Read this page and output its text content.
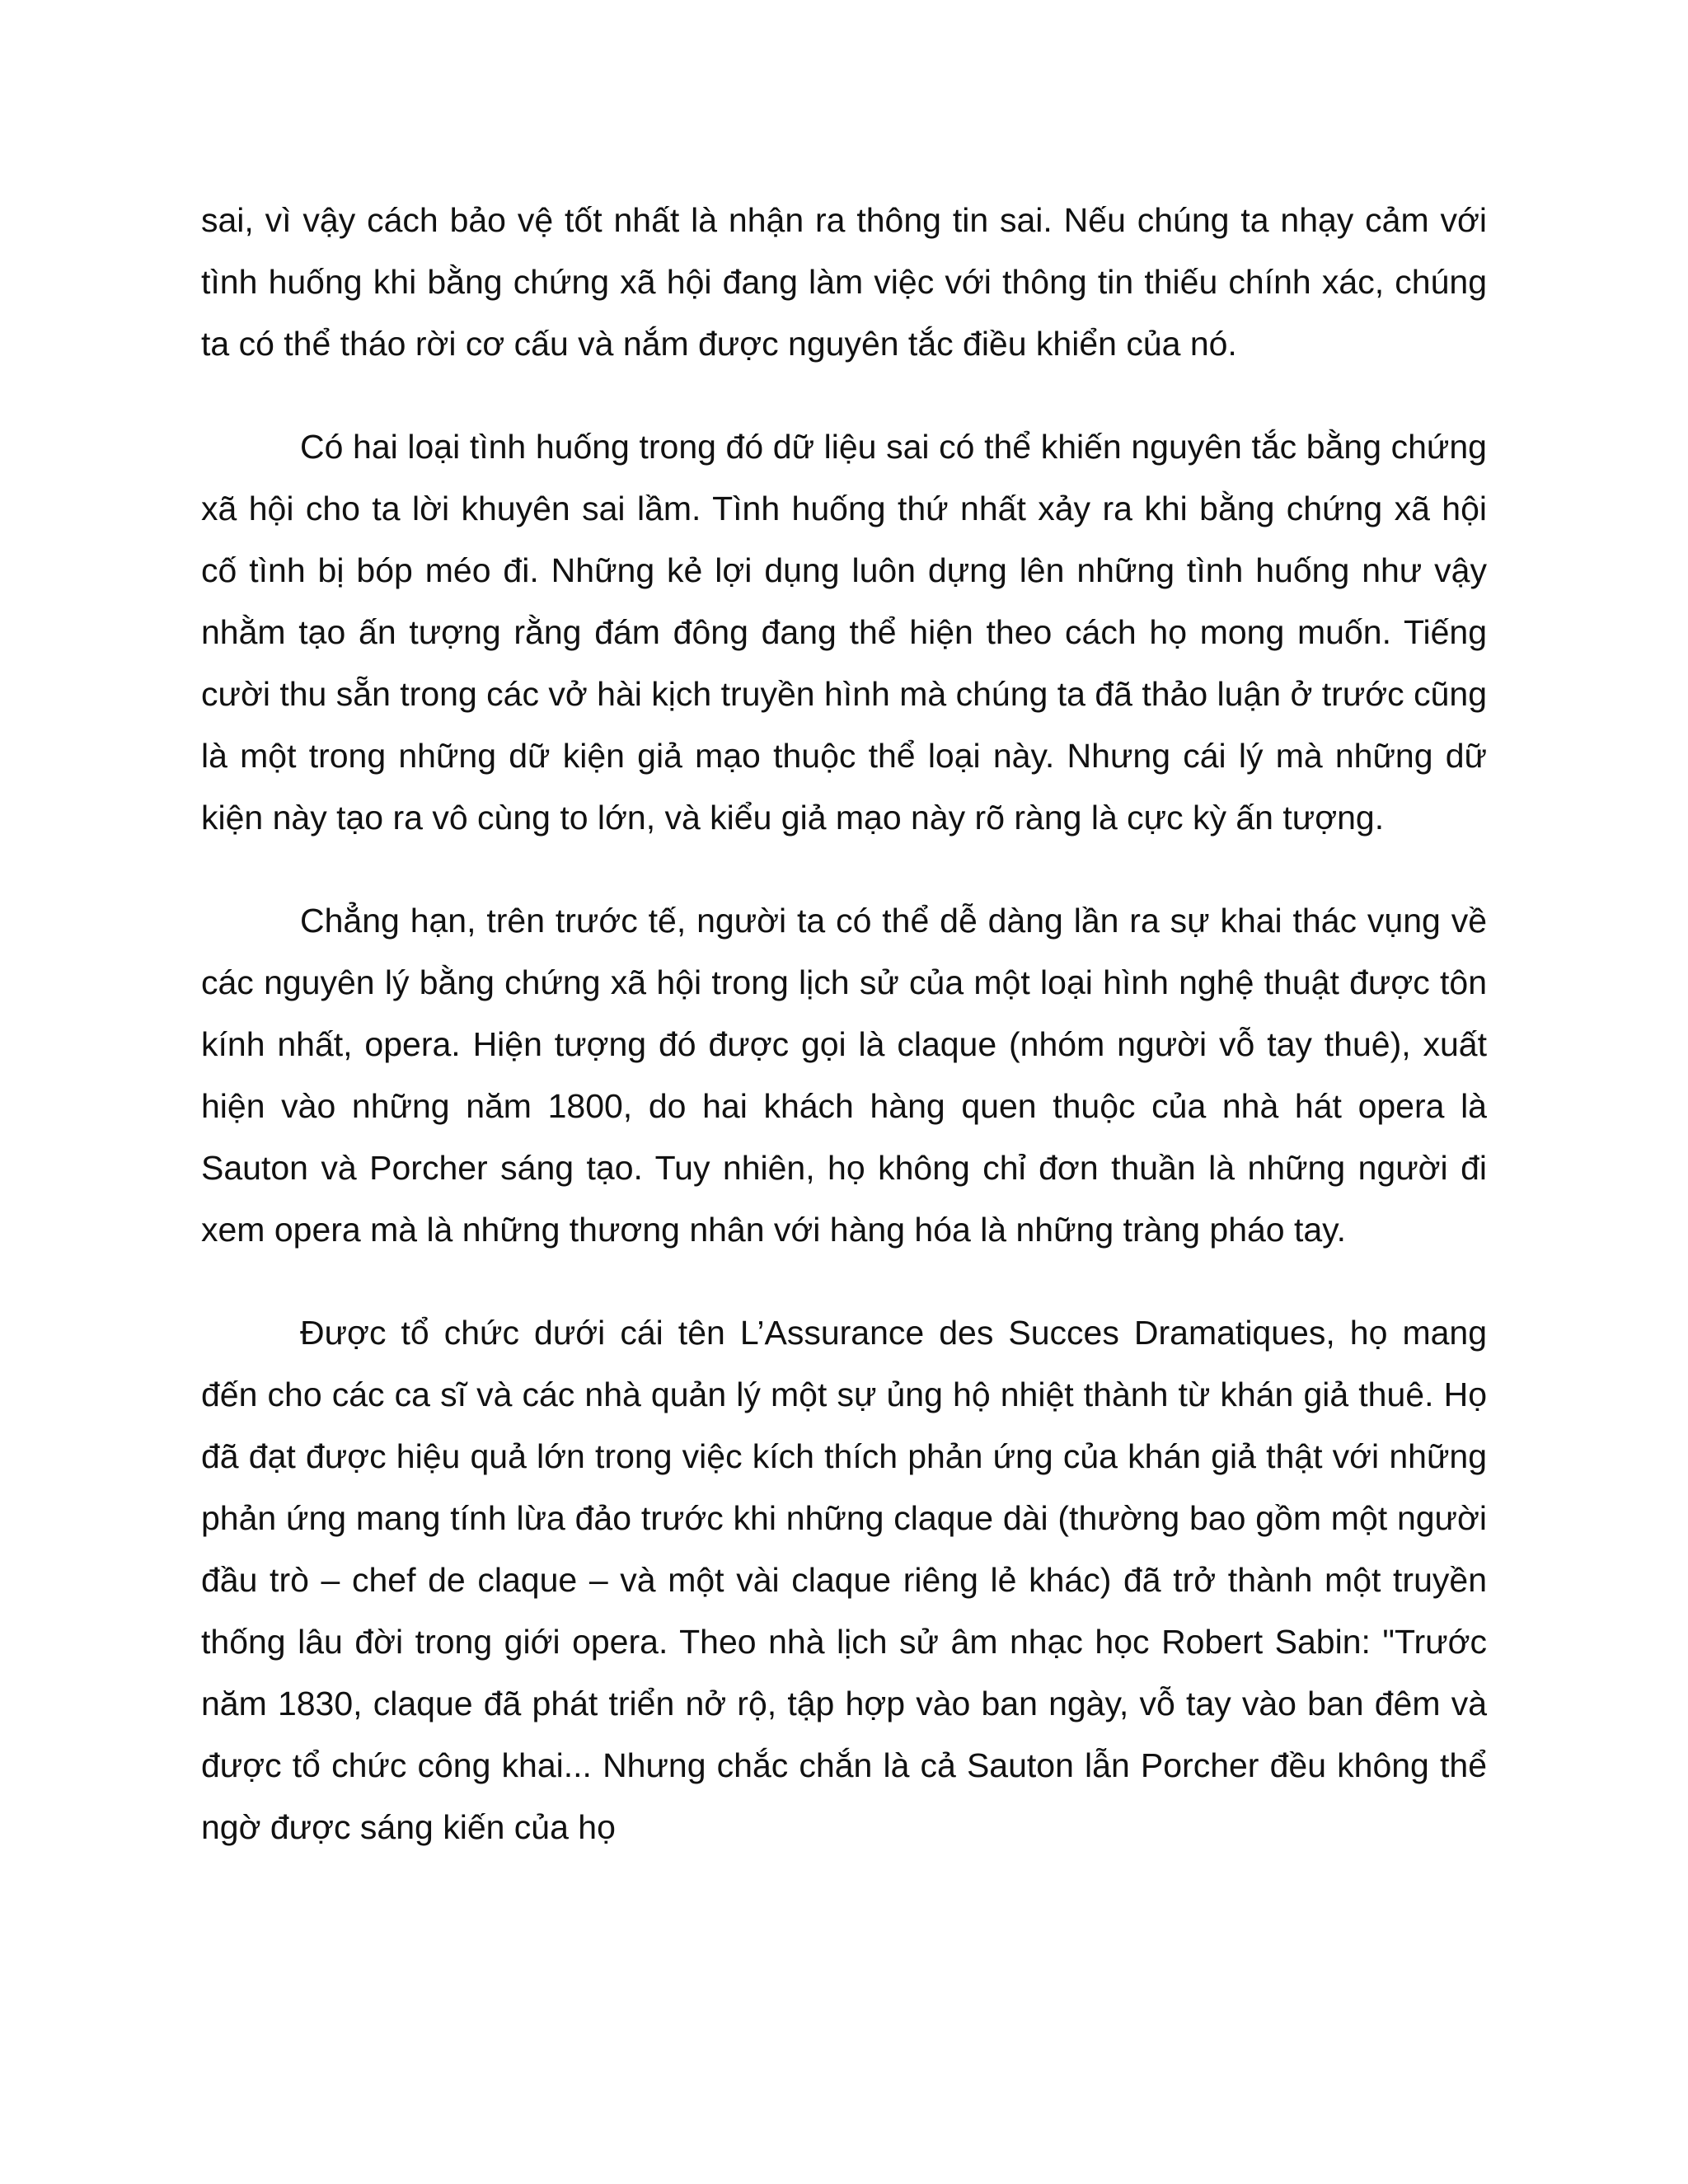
sai, vì vậy cách bảo vệ tốt nhất là nhận ra thông tin sai. Nếu chúng ta nhạy cảm với tình huống khi bằng chứng xã hội đang làm việc với thông tin thiếu chính xác, chúng ta có thể tháo rời cơ cấu và nắm được nguyên tắc điều khiển của nó.

Có hai loại tình huống trong đó dữ liệu sai có thể khiến nguyên tắc bằng chứng xã hội cho ta lời khuyên sai lầm. Tình huống thứ nhất xảy ra khi bằng chứng xã hội cố tình bị bóp méo đi. Những kẻ lợi dụng luôn dựng lên những tình huống như vậy nhằm tạo ấn tượng rằng đám đông đang thể hiện theo cách họ mong muốn. Tiếng cười thu sẵn trong các vở hài kịch truyền hình mà chúng ta đã thảo luận ở trước cũng là một trong những dữ kiện giả mạo thuộc thể loại này. Nhưng cái lý mà những dữ kiện này tạo ra vô cùng to lớn, và kiểu giả mạo này rõ ràng là cực kỳ ấn tượng.

Chẳng hạn, trên trước tế, người ta có thể dễ dàng lần ra sự khai thác vụng về các nguyên lý bằng chứng xã hội trong lịch sử của một loại hình nghệ thuật được tôn kính nhất, opera. Hiện tượng đó được gọi là claque (nhóm người vỗ tay thuê), xuất hiện vào những năm 1800, do hai khách hàng quen thuộc của nhà hát opera là Sauton và Porcher sáng tạo. Tuy nhiên, họ không chỉ đơn thuần là những người đi xem opera mà là những thương nhân với hàng hóa là những tràng pháo tay.

Được tổ chức dưới cái tên L’Assurance des Succes Dramatiques, họ mang đến cho các ca sĩ và các nhà quản lý một sự ủng hộ nhiệt thành từ khán giả thuê. Họ đã đạt được hiệu quả lớn trong việc kích thích phản ứng của khán giả thật với những phản ứng mang tính lừa đảo trước khi những claque dài (thường bao gồm một người đầu trò – chef de claque – và một vài claque riêng lẻ khác) đã trở thành một truyền thống lâu đời trong giới opera. Theo nhà lịch sử âm nhạc học Robert Sabin: "Trước năm 1830, claque đã phát triển nở rộ, tập hợp vào ban ngày, vỗ tay vào ban đêm và được tổ chức công khai... Nhưng chắc chắn là cả Sauton lẫn Porcher đều không thể ngờ được sáng kiến của họ
